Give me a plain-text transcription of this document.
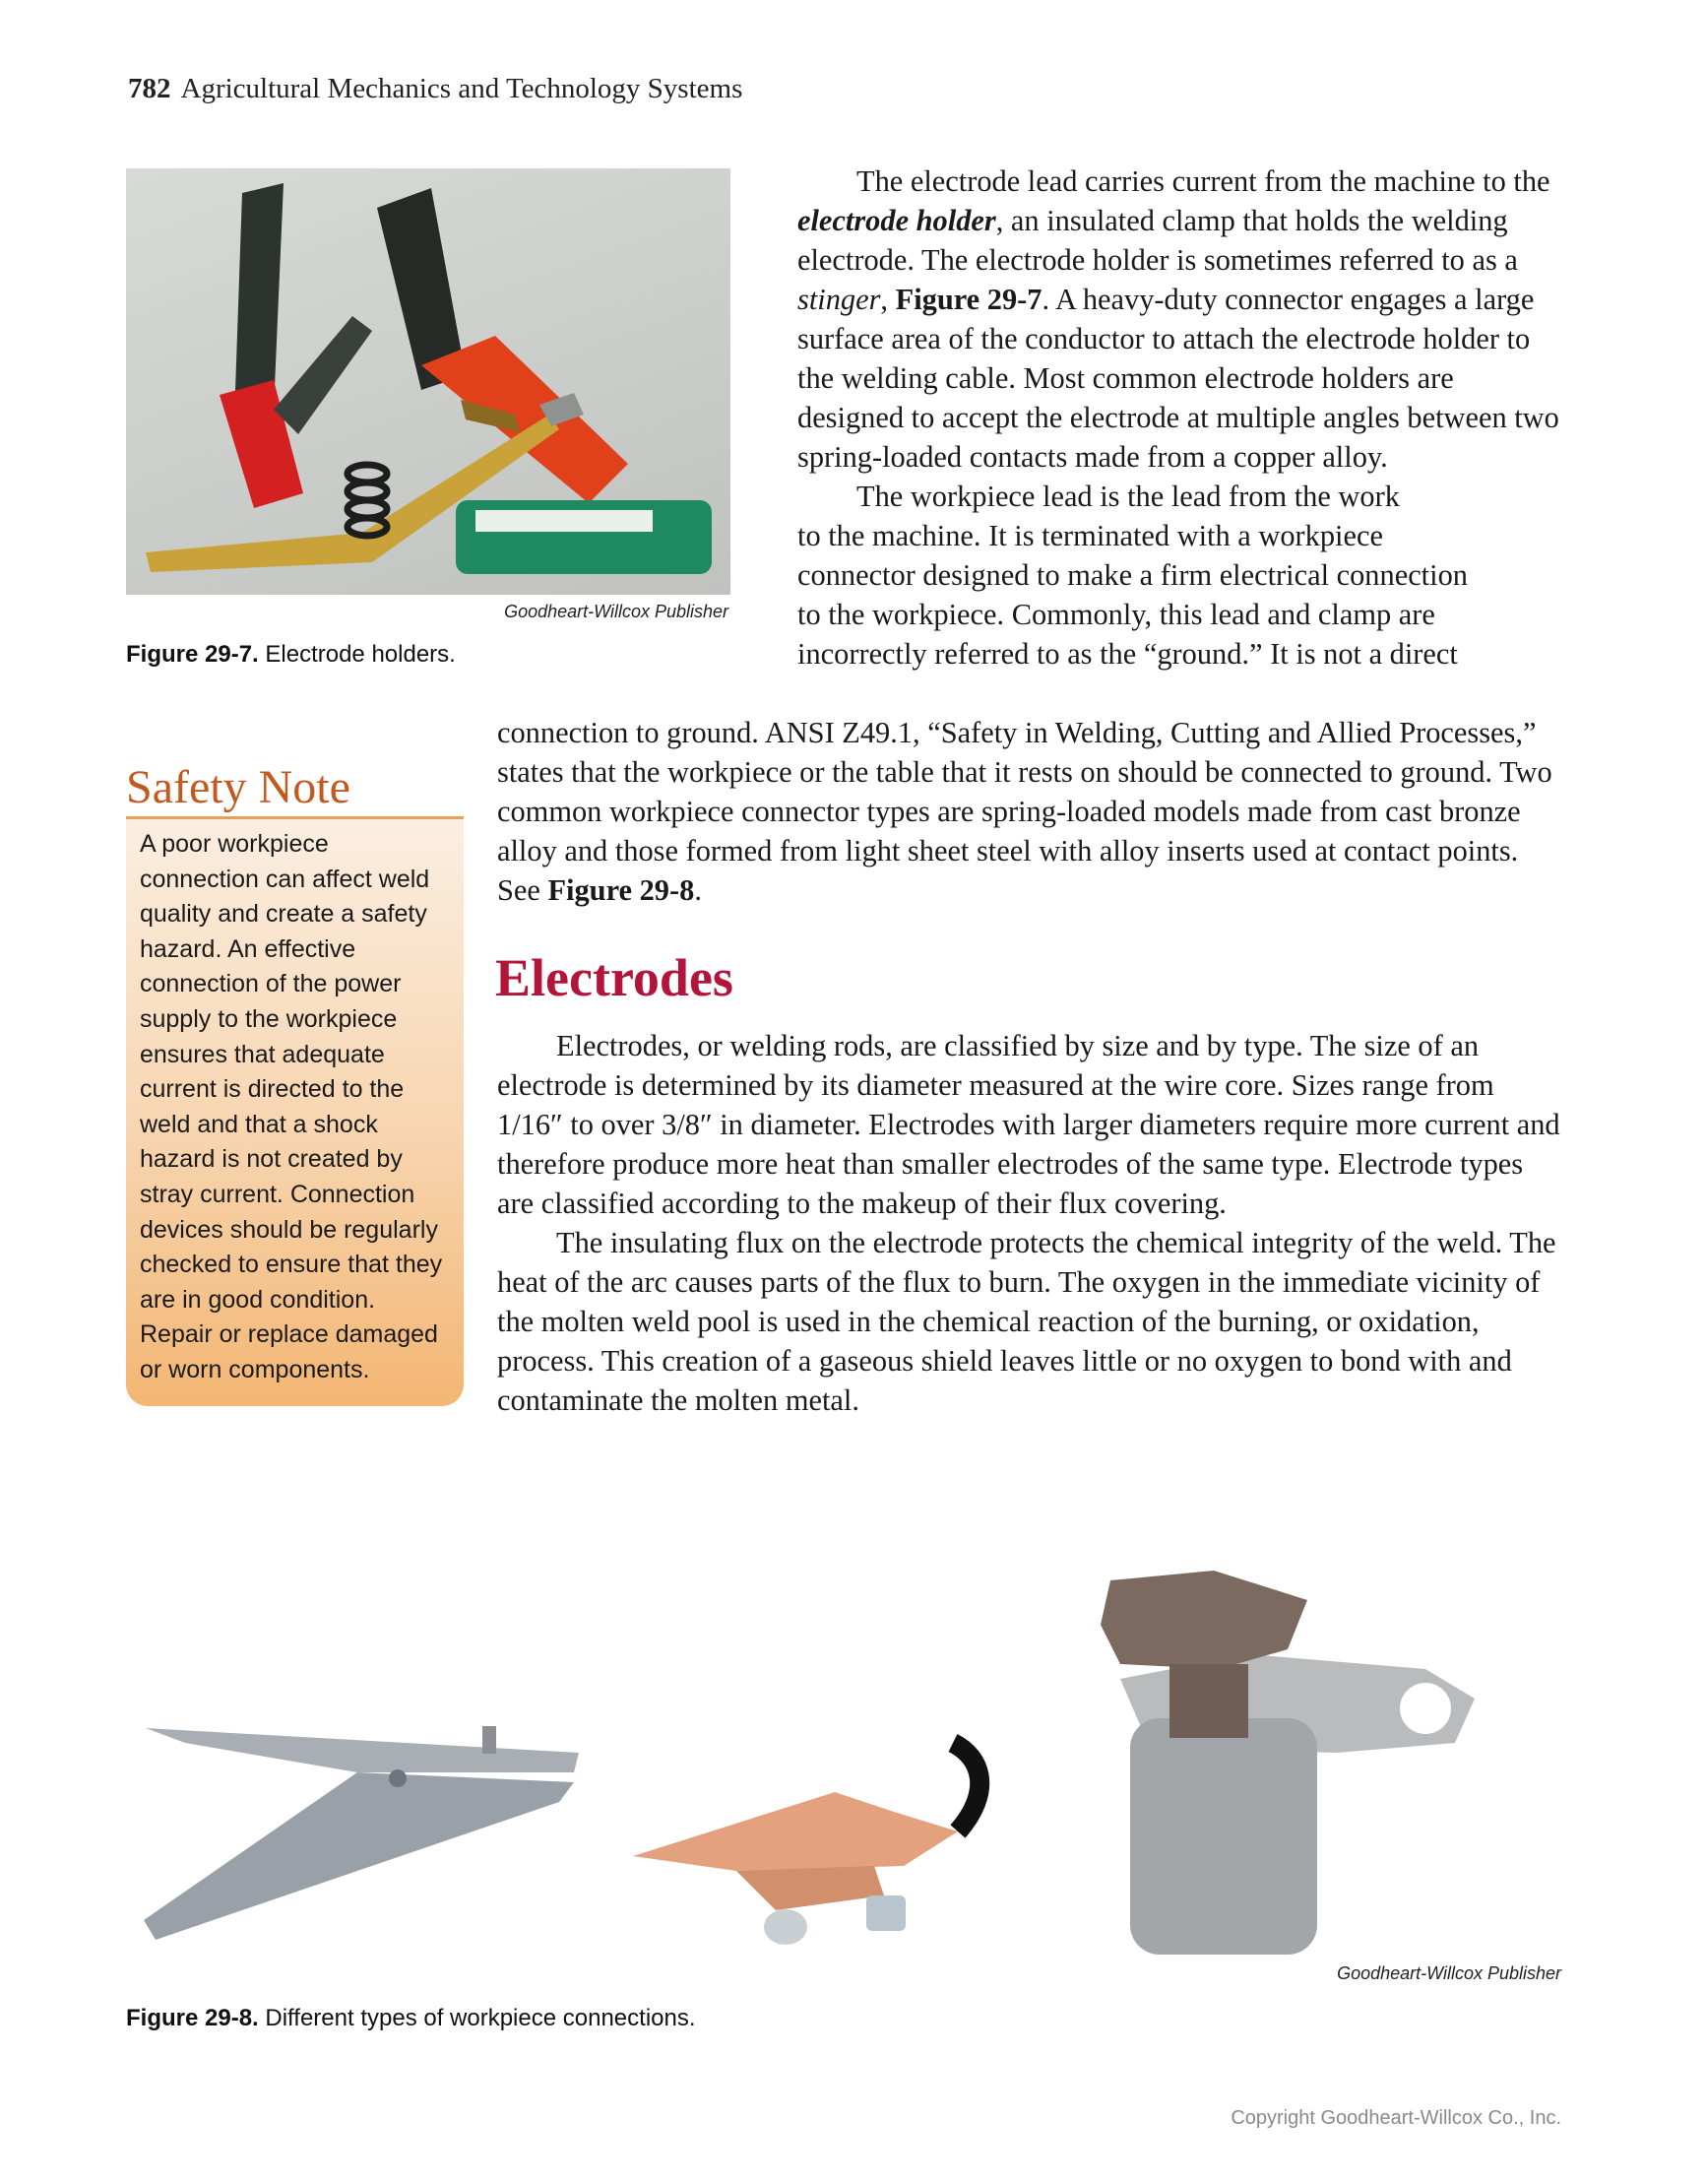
782 Agricultural Mechanics and Technology Systems
Goodheart-Willcox Publisher
Figure 29-7. Electrode holders.

The electrode lead carries current from the machine to the electrode holder, an insulated clamp that holds the welding electrode. The electrode holder is sometimes referred to as a stinger, Figure 29-7. A heavy-duty connector engages a large surface area of the conductor to attach the electrode holder to the welding cable. Most common electrode holders are designed to accept the electrode at multiple angles between two spring-loaded contacts made from a copper alloy.

The workpiece lead is the lead from the work
to the machine. It is terminated with a workpiece
connector designed to make a firm electrical connection
to the workpiece. Commonly, this lead and clamp are
incorrectly referred to as the “ground.” It is not a direct

connection to ground. ANSI Z49.1, “Safety in Welding, Cutting and Allied Processes,” states that the workpiece or the table that it rests on should be connected to ground. Two common workpiece connector types are spring-loaded models made from cast bronze alloy and those formed from light sheet steel with alloy inserts used at contact points. See Figure 29-8.

Safety Note

A poor workpiece connection can affect weld quality and create a safety hazard. An effective connection of the power supply to the workpiece ensures that adequate current is directed to the weld and that a shock hazard is not created by stray current. Connection devices should be regularly checked to ensure that they are in good condition. Repair or replace damaged or worn components.

Electrodes

Electrodes, or welding rods, are classified by size and by type. The size of an electrode is determined by its diameter measured at the wire core. Sizes range from 1/16″ to over 3/8″ in diameter. Electrodes with larger diameters require more current and therefore produce more heat than smaller electrodes of the same type. Electrode types are classified according to the makeup of their flux covering.

The insulating flux on the electrode protects the chemical integrity of the weld. The heat of the arc causes parts of the flux to burn. The oxygen in the immediate vicinity of the molten weld pool is used in the chemical reaction of the burning, or oxidation, process. This creation of a gaseous shield leaves little or no oxygen to bond with and contaminate the molten metal.

Goodheart-Willcox Publisher
Figure 29-8. Different types of workpiece connections.
Copyright Goodheart-Willcox Co., Inc.
